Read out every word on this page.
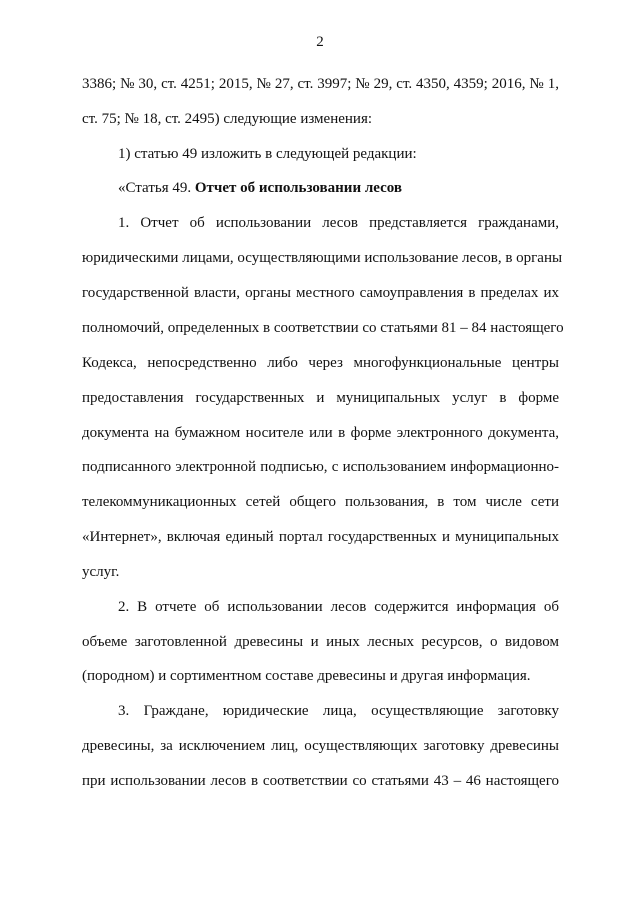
2
3386; № 30, ст. 4251; 2015, № 27, ст. 3997; № 29, ст. 4350, 4359; 2016, № 1,
ст. 75; № 18, ст. 2495) следующие изменения:
1) статью 49 изложить в следующей редакции:
«Статья 49. Отчет об использовании лесов
1. Отчет об использовании лесов представляется гражданами,
юридическими лицами, осуществляющими использование лесов, в органы
государственной власти, органы местного самоуправления в пределах их
полномочий, определенных в соответствии со статьями 81 – 84 настоящего
Кодекса, непосредственно либо через многофункциональные центры
предоставления государственных и муниципальных услуг в форме
документа на бумажном носителе или в форме электронного документа,
подписанного электронной подписью, с использованием информационно-
телекоммуникационных сетей общего пользования, в том числе сети
«Интернет», включая единый портал государственных и муниципальных
услуг.
2. В отчете об использовании лесов содержится информация об
объеме заготовленной древесины и иных лесных ресурсов, о видовом
(породном) и сортиментном составе древесины и другая информация.
3. Граждане, юридические лица, осуществляющие заготовку
древесины, за исключением лиц, осуществляющих заготовку древесины
при использовании лесов в соответствии со статьями 43 – 46 настоящего
